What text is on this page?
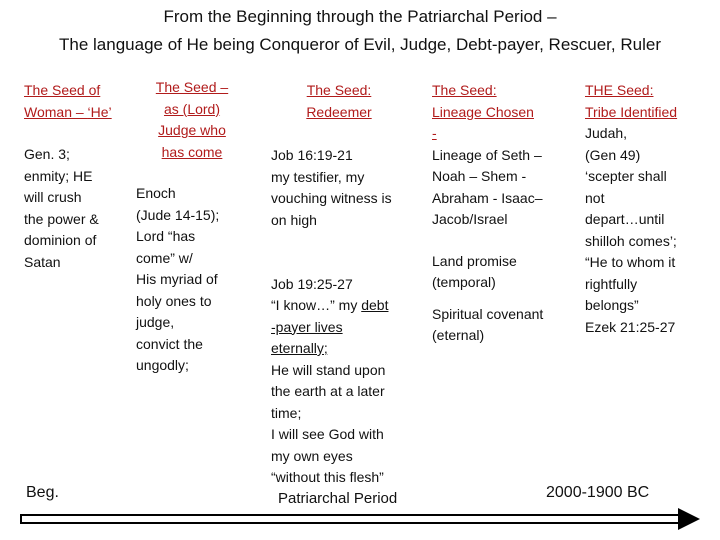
From the Beginning through the Patriarchal Period –
The language of He being Conqueror of Evil, Judge, Debt-payer, Rescuer, Ruler
The Seed of Woman – ‘He’
Gen. 3;
enmity; HE
will crush
the power &
dominion of
Satan
The Seed –
as (Lord)
Judge who
has come
Enoch
(Jude 14-15);
Lord “has
come” w/
His myriad of
holy ones to
judge,
convict the
ungodly;
The Seed:
Redeemer
Job 16:19-21
my testifier, my
vouching witness is
on high

Job 19:25-27
“I know…” my debt
-payer lives
eternally;
He will stand upon
the earth at a later
time;
I will see God with
my own eyes
“without this flesh”

The Seed:
Lineage Chosen
-
Lineage of Seth –
Noah – Shem -
Abraham - Isaac–
Jacob/Israel
Land promise
(temporal)
Spiritual covenant
(eternal)
THE Seed:
Tribe Identified
Judah,
(Gen 49)
‘scepter shall
not
depart…until
shilloh comes’;
“He to whom it
rightfully
belongs”
Ezek 21:25-27
Beg.	Patriarchal Period	2000-1900 BC
